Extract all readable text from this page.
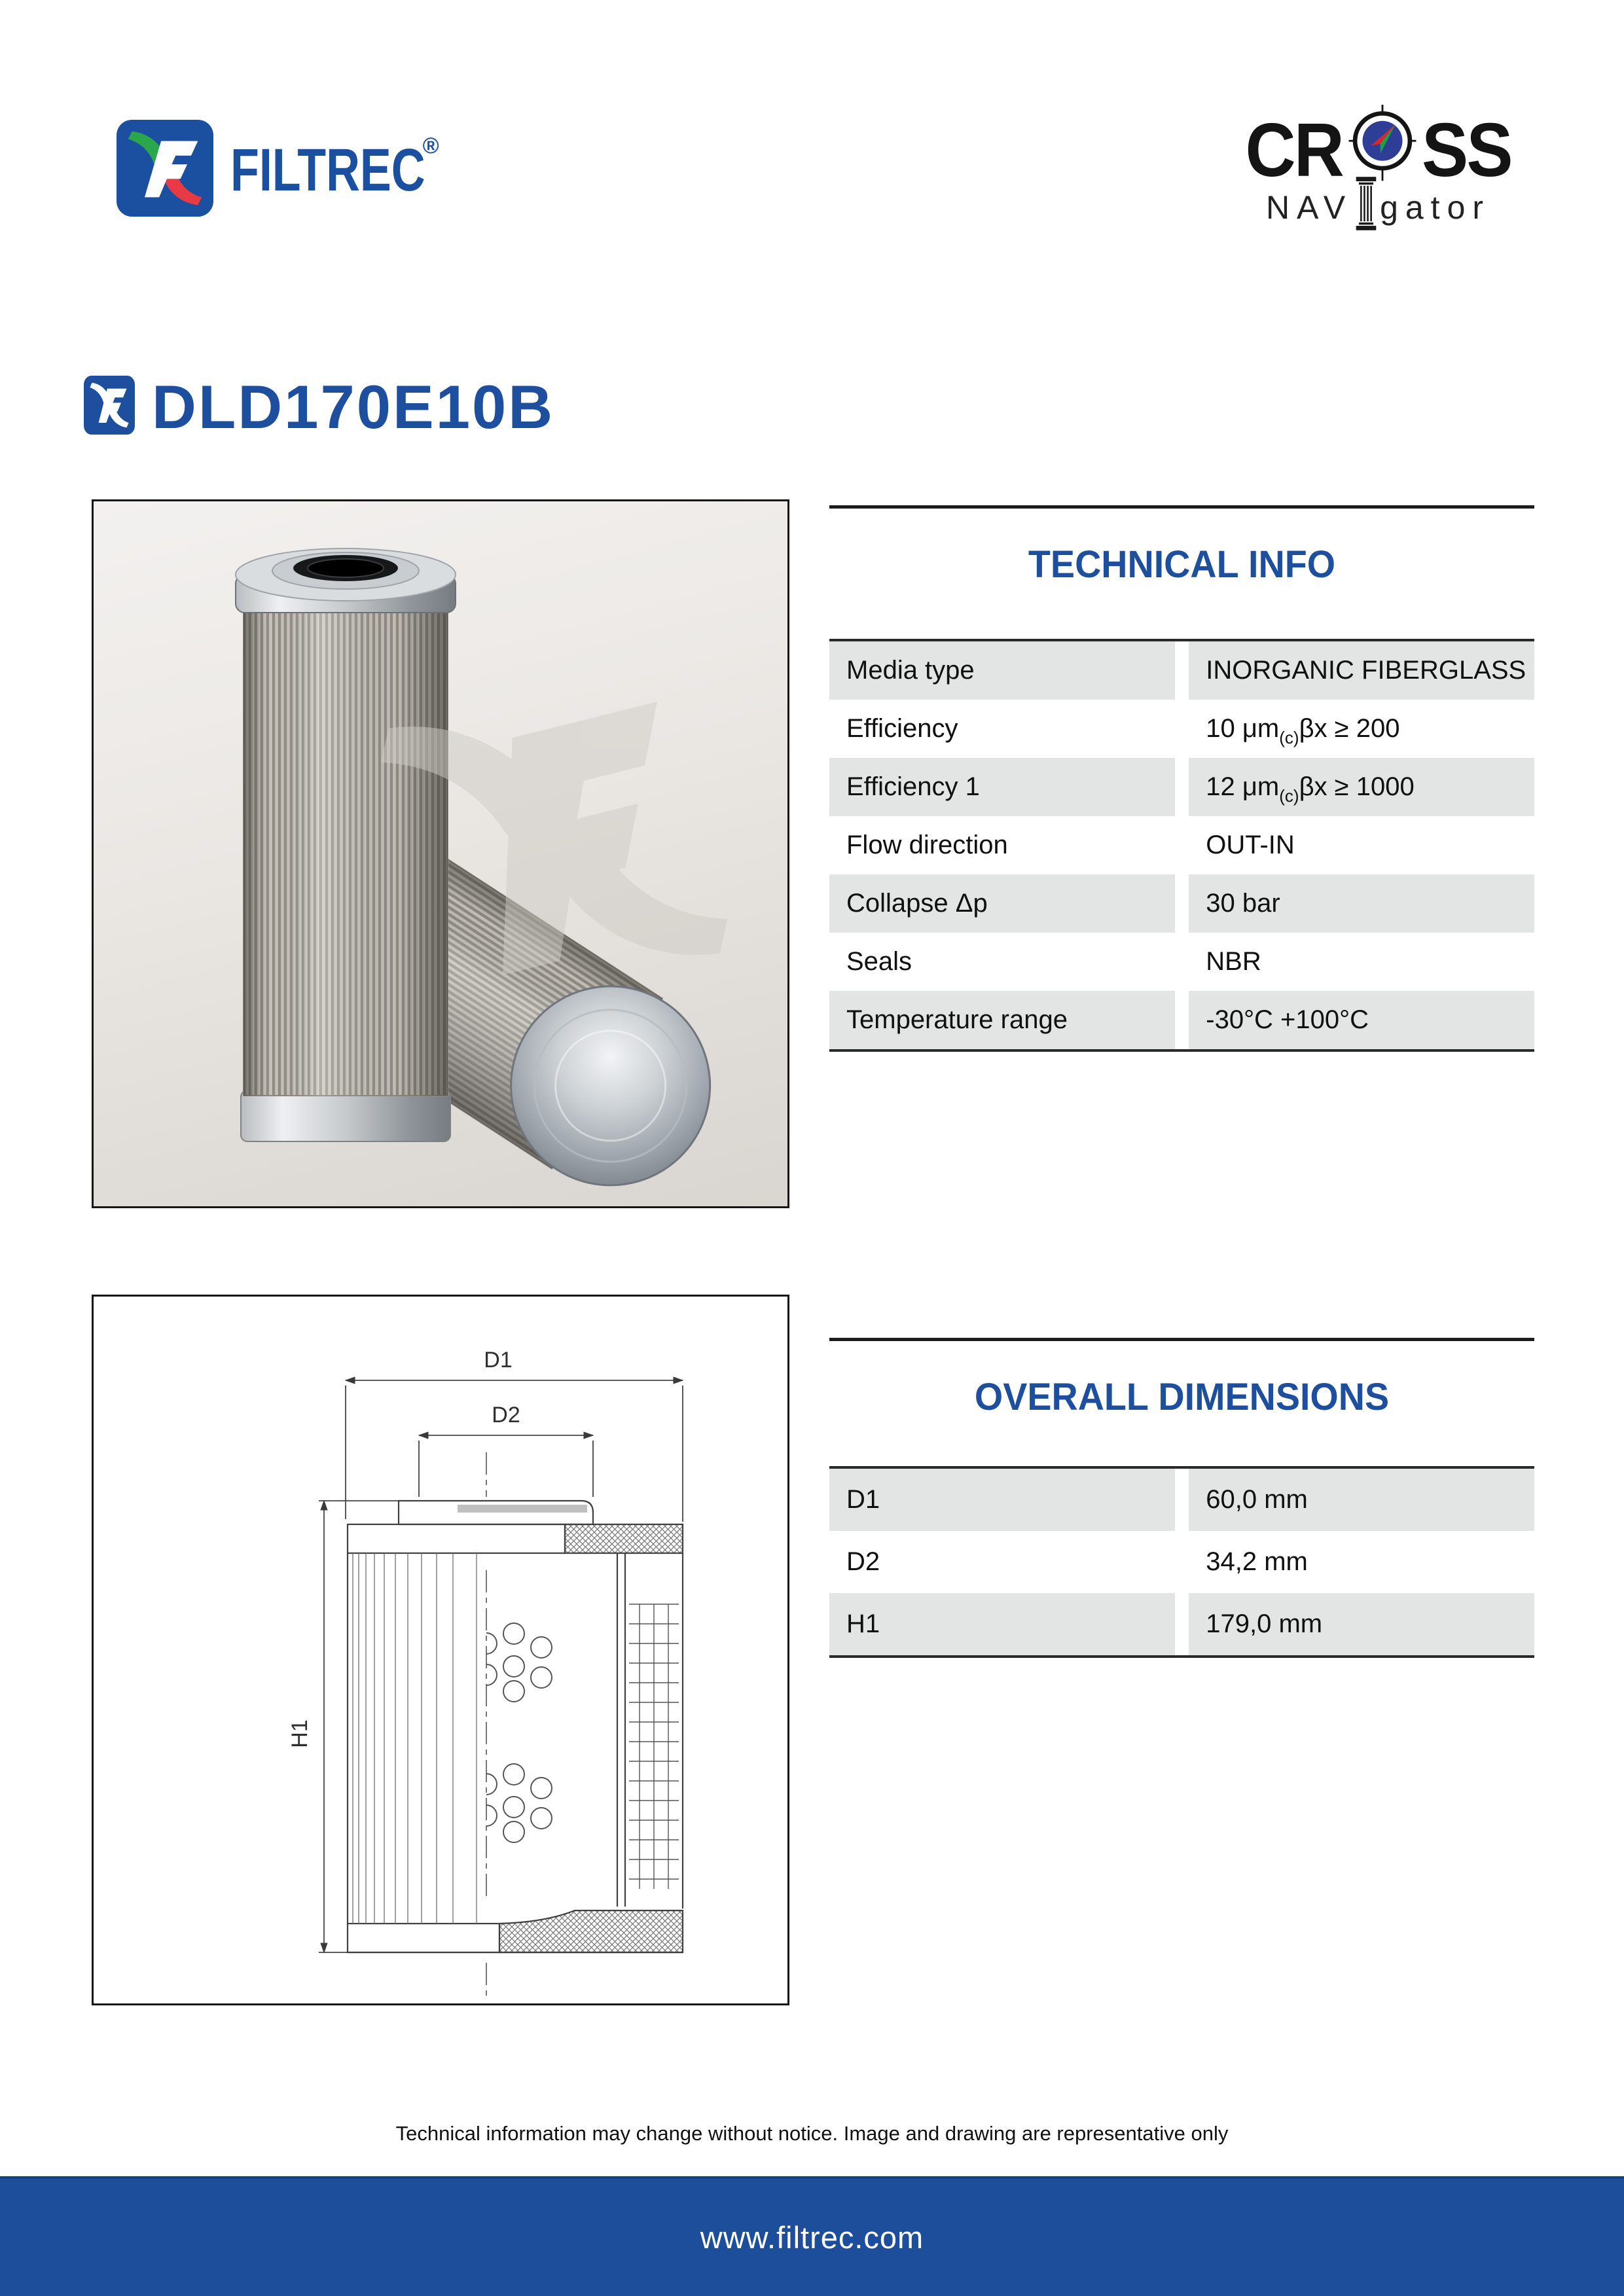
FILTREC
®	CR SS
NAV gator
DLD170E10B
TECHNICAL INFO
Media type	INORGANIC FIBERGLASS
Efficiency	10 μm (c) βx ≥ 200
Efficiency 1	12 μm (c) βx ≥ 1000
Flow direction	OUT-IN
Collapse Δp	30 bar
Seals	NBR
Temperature range	-30°C +100°C
D1
D2
H1
OVERALL DIMENSIONS
D1	60,0 mm
D2	34,2 mm
H1	179,0 mm
Technical information may change without notice. Image and drawing are representative only
www.filtrec.com
